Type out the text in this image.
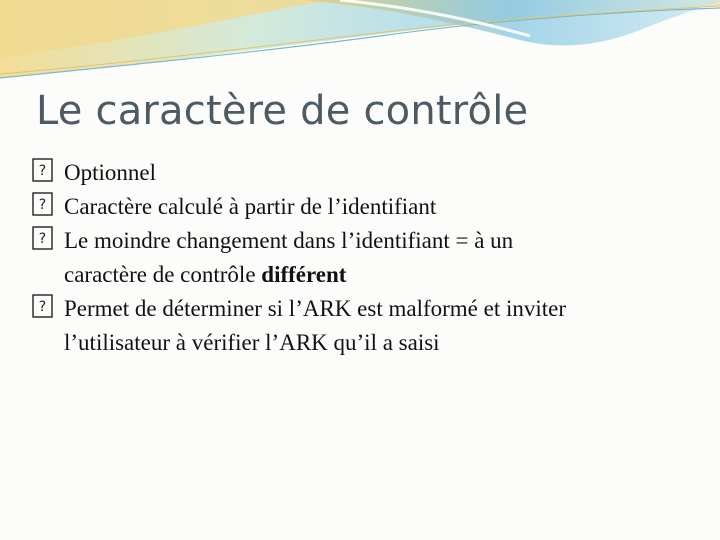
Le caractère de contrôle
? Optionnel
? Caractère calculé à partir de l’identifiant
? Le moindre changement dans l’identifiant = à un
caractère de contrôle différent
? Permet de déterminer si l’ARK est malformé et inviter
l’utilisateur à vérifier l’ARK qu’il a saisi
